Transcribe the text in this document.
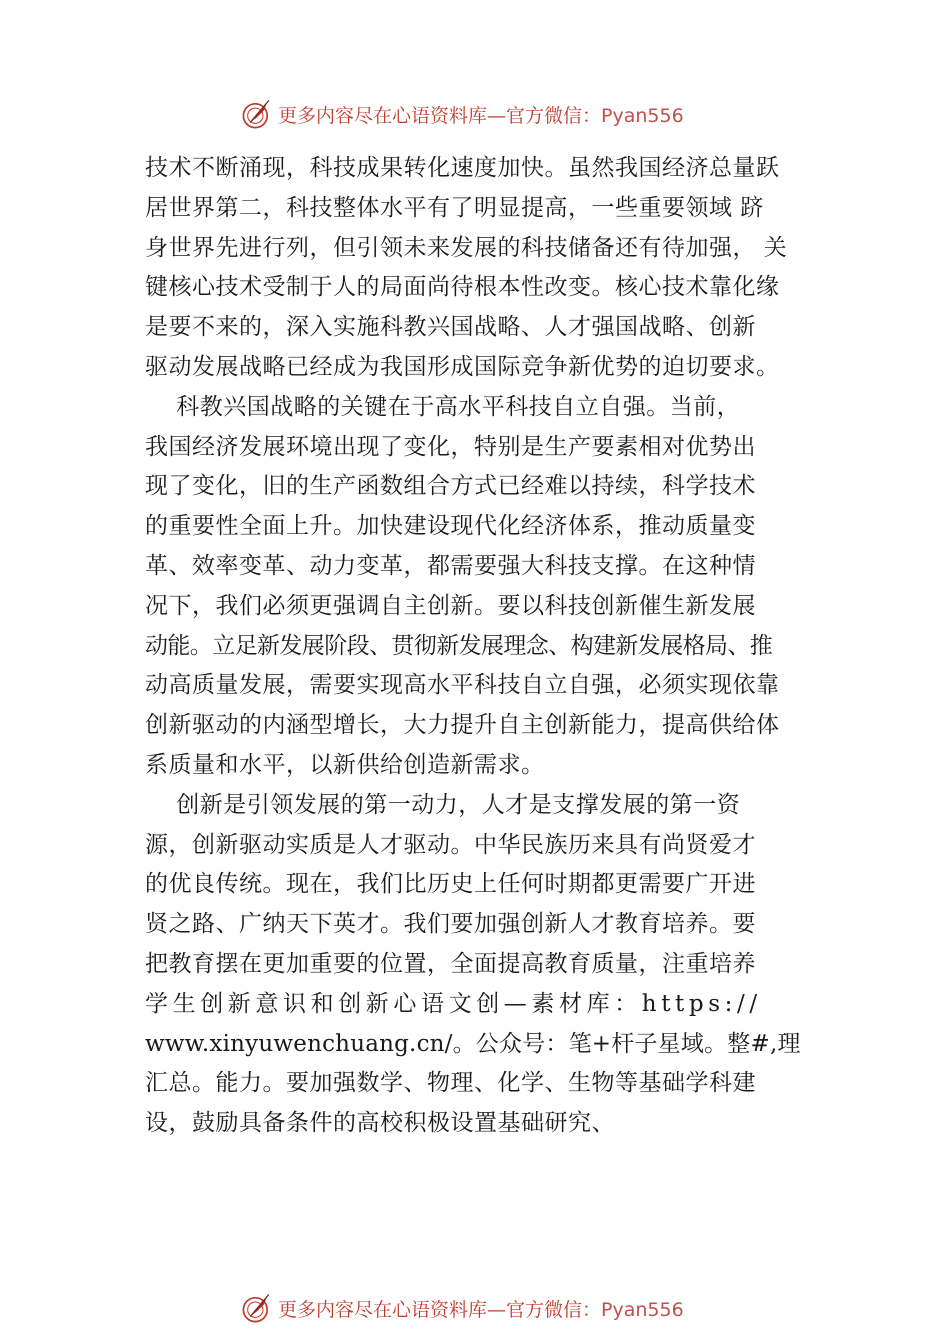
更多内容尽在心语资料库—官方微信：Pyan556
技术不断涌现，科技成果转化速度加快。虽然我国经济总量跃
居世界第二，科技整体水平有了明显提高，一些重要领域 跻
身世界先进行列，但引领未来发展的科技储备还有待加强， 关
键核心技术受制于人的局面尚待根本性改变。核心技术靠化缘
是要不来的，深入实施科教兴国战略、人才强国战略、创新
驱动发展战略已经成为我国形成国际竞争新优势的迫切要求。
科教兴国战略的关键在于高水平科技自立自强。当前，
我国经济发展环境出现了变化，特别是生产要素相对优势出
现了变化，旧的生产函数组合方式已经难以持续，科学技术
的重要性全面上升。加快建设现代化经济体系，推动质量变
革、效率变革、动力变革，都需要强大科技支撑。在这种情
况下，我们必须更强调自主创新。要以科技创新催生新发展
动能。立足新发展阶段、贯彻新发展理念、构建新发展格局、推
动高质量发展，需要实现高水平科技自立自强，必须实现依靠
创新驱动的内涵型增长，大力提升自主创新能力，提高供给体
系质量和水平，以新供给创造新需求。
创新是引领发展的第一动力，人才是支撑发展的第一资
源，创新驱动实质是人才驱动。中华民族历来具有尚贤爱才
的优良传统。现在，我们比历史上任何时期都更需要广开进
贤之路、广纳天下英才。我们要加强创新人才教育培养。要
把教育摆在更加重要的位置，全面提高教育质量，注重培养
学生创新意识和创新心语文创—素材库：https://
www.xinyuwenchuang.cn/。公众号：笔+杆子星域。整#,理
汇总。能力。要加强数学、物理、化学、生物等基础学科建
设，鼓励具备条件的高校积极设置基础研究、
更多内容尽在心语资料库—官方微信：Pyan556
